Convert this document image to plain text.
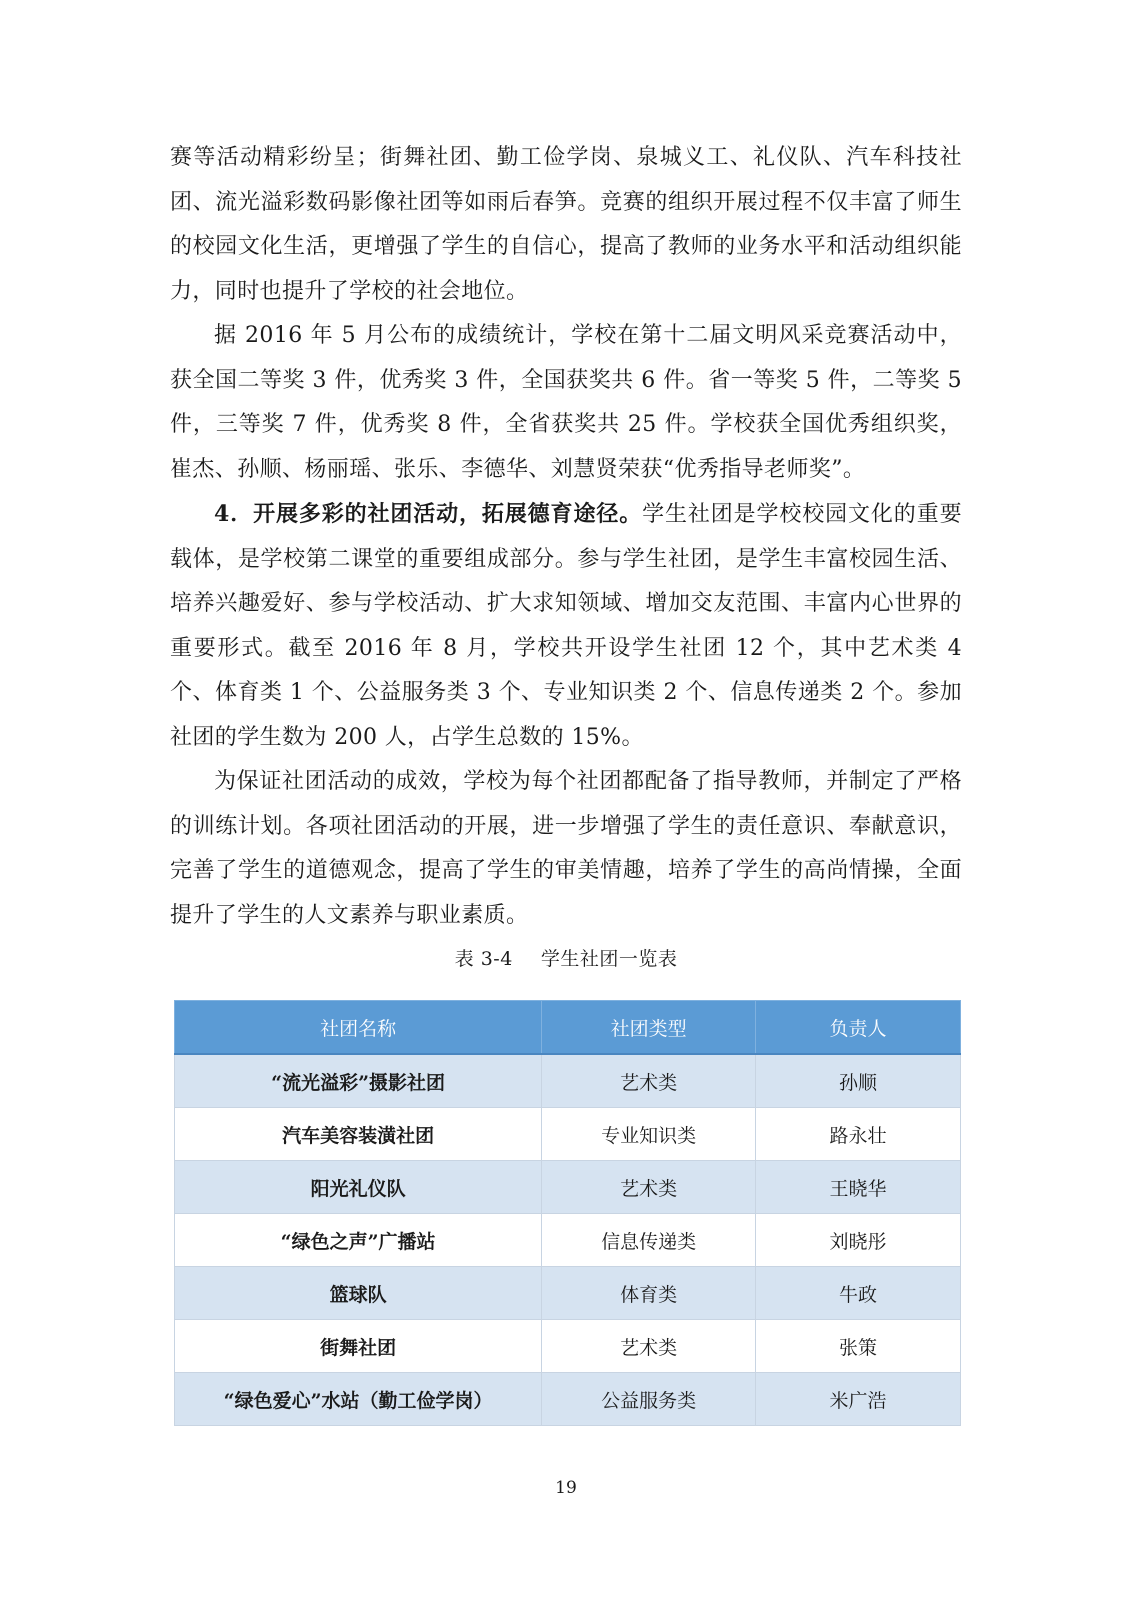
赛等活动精彩纷呈；街舞社团、勤工俭学岗、泉城义工、礼仪队、汽车科技社团、流光溢彩数码影像社团等如雨后春笋。竞赛的组织开展过程不仅丰富了师生的校园文化生活，更增强了学生的自信心，提高了教师的业务水平和活动组织能力，同时也提升了学校的社会地位。

据 2016 年 5 月公布的成绩统计，学校在第十二届文明风采竞赛活动中，获全国二等奖 3 件，优秀奖 3 件，全国获奖共 6 件。省一等奖 5 件，二等奖 5 件，三等奖 7 件，优秀奖 8 件，全省获奖共 25 件。学校获全国优秀组织奖，崔杰、孙顺、杨丽瑶、张乐、李德华、刘慧贤荣获“优秀指导老师奖”。

4．开展多彩的社团活动，拓展德育途径。学生社团是学校校园文化的重要载体，是学校第二课堂的重要组成部分。参与学生社团，是学生丰富校园生活、培养兴趣爱好、参与学校活动、扩大求知领域、增加交友范围、丰富内心世界的重要形式。截至 2016 年 8 月，学校共开设学生社团 12 个，其中艺术类 4 个、体育类 1 个、公益服务类 3 个、专业知识类 2 个、信息传递类 2 个。参加社团的学生数为 200 人，占学生总数的 15%。

为保证社团活动的成效，学校为每个社团都配备了指导教师，并制定了严格的训练计划。各项社团活动的开展，进一步增强了学生的责任意识、奉献意识，完善了学生的道德观念，提高了学生的审美情趣，培养了学生的高尚情操，全面提升了学生的人文素养与职业素质。

表 3-4 学生社团一览表
社团名称	社团类型	负责人
“流光溢彩”摄影社团	艺术类	孙顺
汽车美容装潢社团	专业知识类	路永壮
阳光礼仪队	艺术类	王晓华
“绿色之声”广播站	信息传递类	刘晓彤
篮球队	体育类	牛政
街舞社团	艺术类	张策
“绿色爱心”水站（勤工俭学岗）	公益服务类	米广浩
19
